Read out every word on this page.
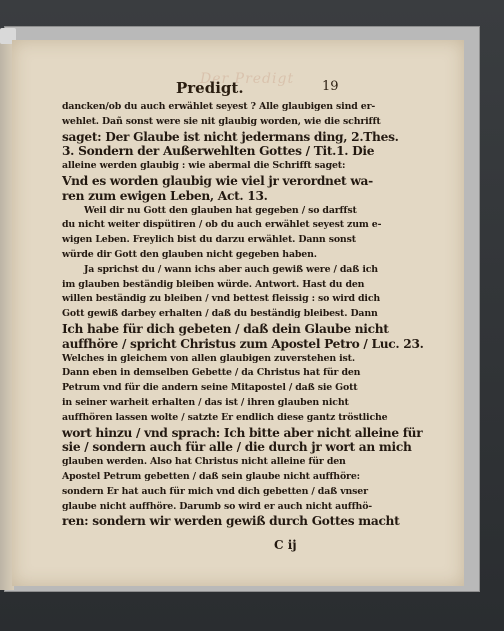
Der Predigt
Predigt.	19
dancken/ob du auch erwählet seyest ? Alle glaubigen sind er-
wehlet. Dañ sonst were sie nit glaubig worden, wie die schrifft
saget: Der Glaube ist nicht jedermans ding, 2.Thes.
3. Sondern der Außerwehlten Gottes / Tit.1. Die
alleine werden glaubig : wie abermal die Schrifft saget:
Vnd es worden glaubig wie viel jr verordnet wa-
ren zum ewigen Leben, Act. 13.
Weil dir nu Gott den glauben hat gegeben / so darffst
du nicht weiter dispütiren / ob du auch erwählet seyest zum e-
wigen Leben. Freylich bist du darzu erwählet. Dann sonst
würde dir Gott den glauben nicht gegeben haben.
Ja sprichst du / wann ichs aber auch gewiß were / daß ich
im glauben beständig bleiben würde. Antwort. Hast du den
willen beständig zu bleiben / vnd bettest fleissig : so wird dich
Gott gewiß darbey erhalten / daß du beständig bleibest. Dann
Ich habe für dich gebeten / daß dein Glaube nicht
auffhöre / spricht Christus zum Apostel Petro / Luc. 23.
Welches in gleichem von allen glaubigen zuverstehen ist.
Dann eben in demselben Gebette / da Christus hat für den
Petrum vnd für die andern seine Mitapostel / daß sie Gott
in seiner warheit erhalten / das ist / ihren glauben nicht
auffhören lassen wolte / satzte Er endlich diese gantz tröstliche
wort hinzu / vnd sprach: Ich bitte aber nicht alleine für
sie / sondern auch für alle / die durch jr wort an mich
glauben werden. Also hat Christus nicht alleine für den
Apostel Petrum gebetten / daß sein glaube nicht auffhöre:
sondern Er hat auch für mich vnd dich gebetten / daß vnser
glaube nicht auffhöre. Darumb so wird er auch nicht auffhö-
ren: sondern wir werden gewiß durch Gottes macht
C ij
